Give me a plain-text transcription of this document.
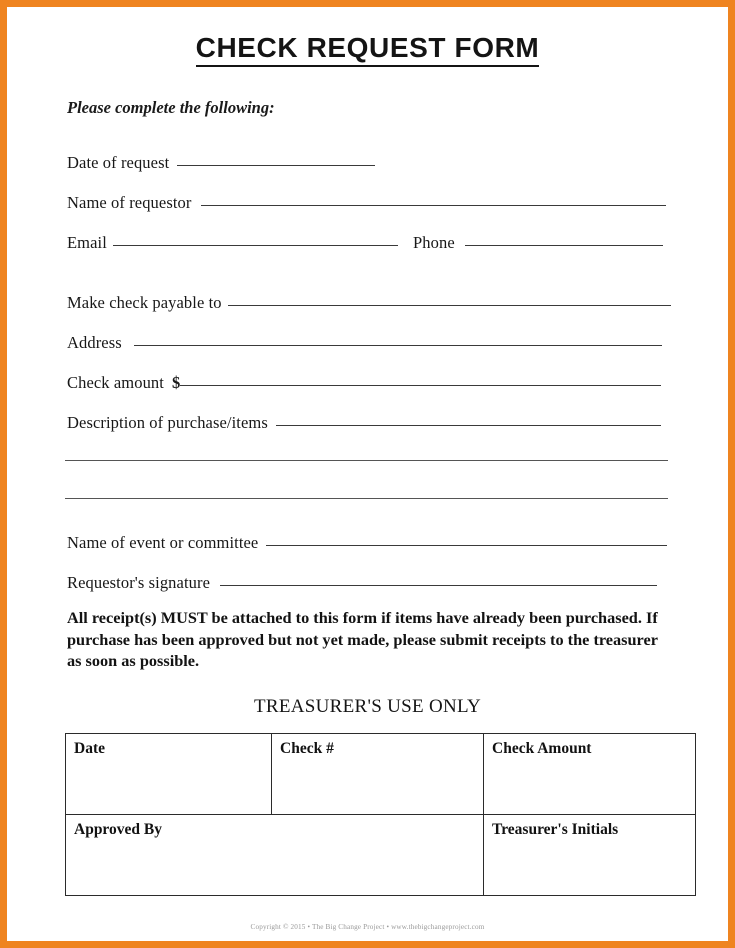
CHECK REQUEST FORM
Please complete the following:
Date of request
Name of requestor
Email	Phone
Make check payable to
Address
Check amount $
Description of purchase/items
Name of event or committee
Requestor's signature
All receipt(s) MUST be attached to this form if items have already been purchased. If purchase has been approved but not yet made, please submit receipts to the treasurer as soon as possible.
TREASURER'S USE ONLY
Date	Check #	Check Amount
Approved By		Treasurer's Initials
Copyright © 2015 • The Big Change Project • www.thebigchangeproject.com
